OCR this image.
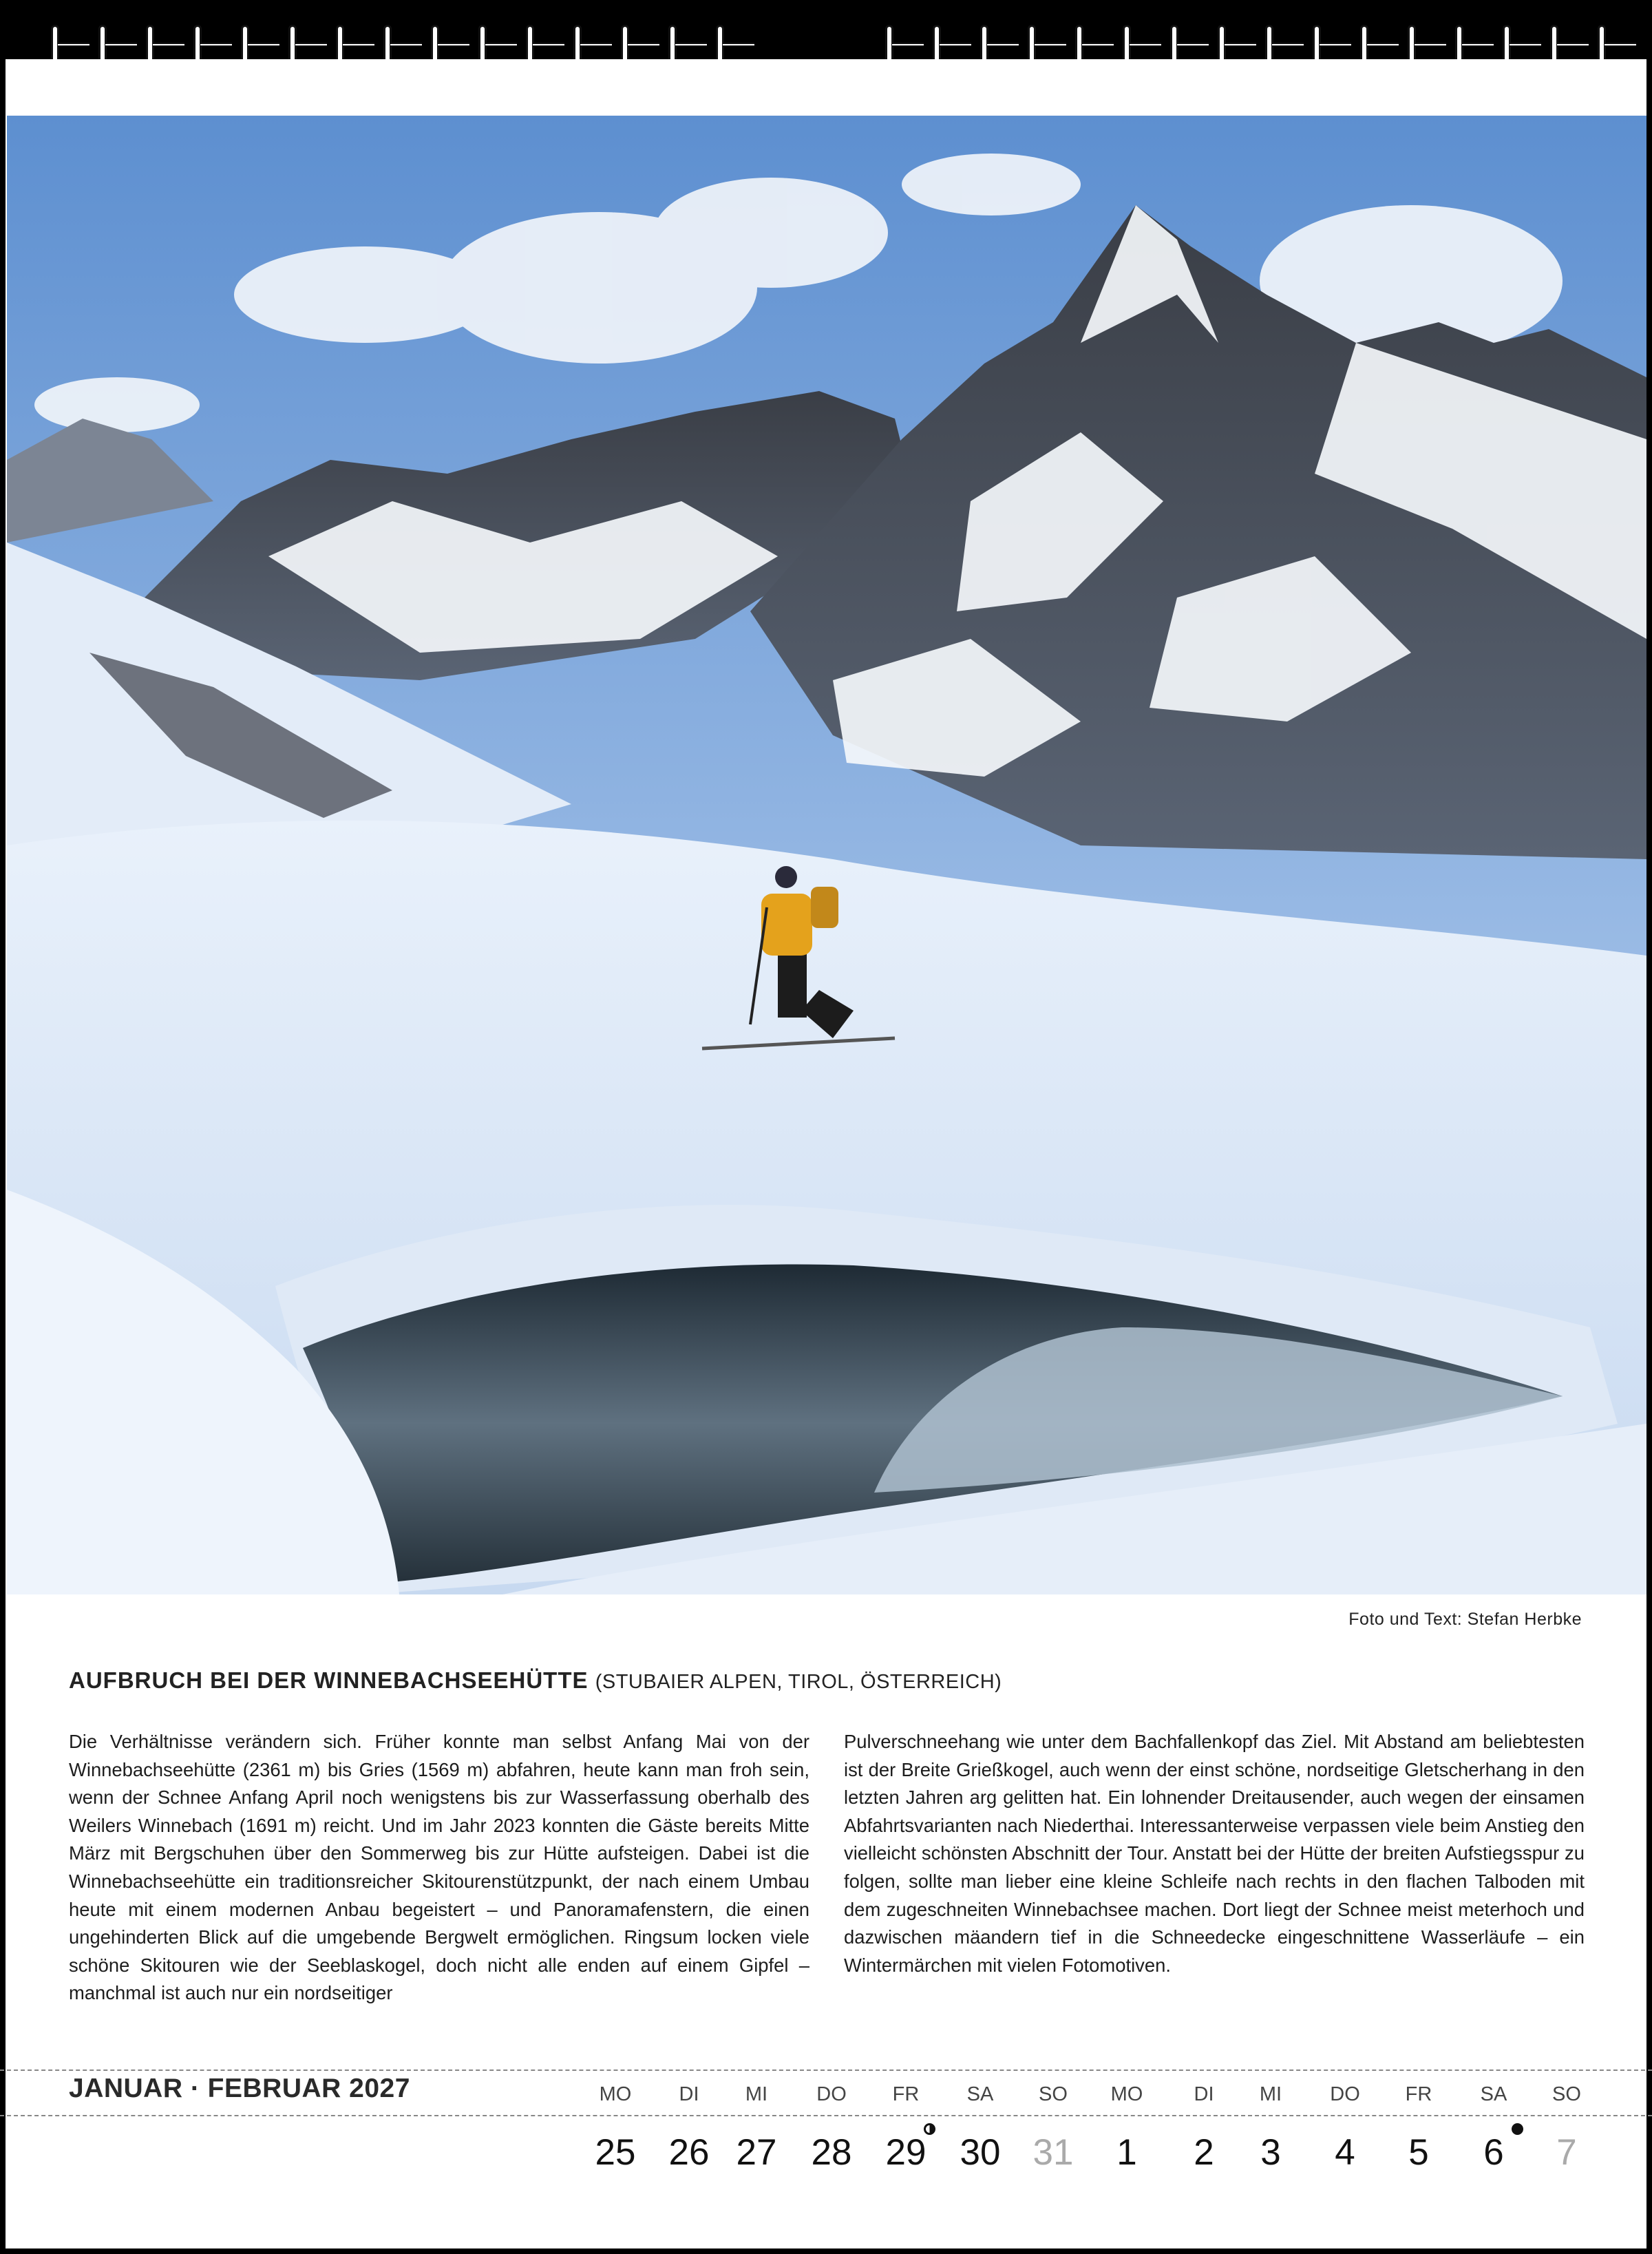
Foto und Text: Stefan Herbke
AUFBRUCH BEI DER WINNEBACHSEEHÜTTE (STUBAIER ALPEN, TIROL, ÖSTERREICH)
Die Verhältnisse verändern sich. Früher konnte man selbst Anfang Mai von der Winnebachseehütte (2361 m) bis Gries (1569 m) abfahren, heute kann man froh sein, wenn der Schnee Anfang April noch wenigstens bis zur Wasserfassung oberhalb des Weilers Winnebach (1691 m) reicht. Und im Jahr 2023 konnten die Gäste bereits Mitte März mit Bergschuhen über den Sommerweg bis zur Hütte aufsteigen. Dabei ist die Winnebachseehütte ein traditionsreicher Skitourenstützpunkt, der nach einem Umbau heute mit einem modernen Anbau begeistert – und Panoramafenstern, die einen ungehinderten Blick auf die umgebende Bergwelt ermöglichen. Ringsum locken viele schöne Skitouren wie der Seeblaskogel, doch nicht alle enden auf einem Gipfel – manchmal ist auch nur ein nordseitiger
Pulverschneehang wie unter dem Bachfallenkopf das Ziel. Mit Abstand am beliebtesten ist der Breite Grießkogel, auch wenn der einst schöne, nordseitige Gletscherhang in den letzten Jahren arg gelitten hat. Ein lohnender Dreitausender, auch wegen der einsamen Abfahrtsvarianten nach Niederthai. Interessanterweise verpassen viele beim Anstieg den vielleicht schönsten Abschnitt der Tour. Anstatt bei der Hütte der breiten Aufstiegsspur zu folgen, sollte man lieber eine kleine Schleife nach rechts in den flachen Talboden mit dem zugeschneiten Winnebachsee machen. Dort liegt der Schnee meist meterhoch und dazwischen mäandern tief in die Schneedecke eingeschnittene Wasserläufe – ein Wintermärchen mit vielen Fotomotiven.
JANUAR · FEBRUAR 2027	MO	DI	MI	DO	FR	SA	SO	MO	DI	MI	DO	FR	SA	SO
25 26 27 28 29 30 31	1	2	3	4	5	6	7
